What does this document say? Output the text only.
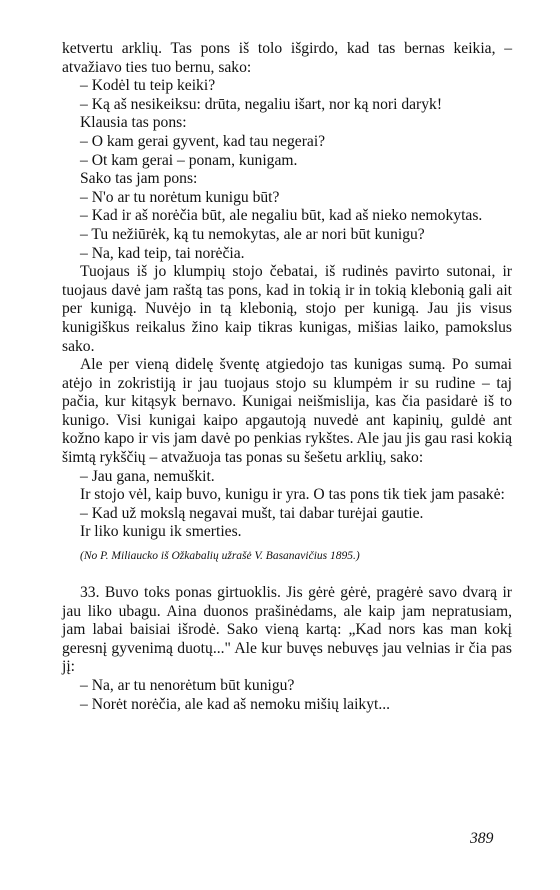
ketvertu arklių. Tas pons iš tolo išgirdo, kad tas bernas keikia, – atvažiavo ties tuo bernu, sako:

– Kodėl tu teip keiki?

– Ką aš nesikeiksu: drūta, negaliu išart, nor ką nori daryk!

Klausia tas pons:

– O kam gerai gyvent, kad tau negerai?

– Ot kam gerai – ponam, kunigam.

Sako tas jam pons:

– N'o ar tu norėtum kunigu būt?

– Kad ir aš norėčia būt, ale negaliu būt, kad aš nieko nemokytas.

– Tu nežiūrėk, ką tu nemokytas, ale ar nori būt kunigu?

– Na, kad teip, tai norėčia.

Tuojaus iš jo klumpių stojo čebatai, iš rudinės pavirto sutonai, ir tuojaus davė jam raštą tas pons, kad in tokią ir in tokią klebonią gali ait per kunigą. Nuvėjo in tą klebonią, stojo per kunigą. Jau jis visus kunigiškus reikalus žino kaip tikras kunigas, mišias laiko, pamokslus sako.

Ale per vieną didelę šventę atgiedojo tas kunigas sumą. Po sumai atėjo in zokristiją ir jau tuojaus stojo su klumpėm ir su rudine – taj pačia, kur kitąsyk bernavo. Kunigai neišmislija, kas čia pasidarė iš to kunigo. Visi kunigai kaipo apgautoją nuvedė ant kapinių, guldė ant kožno kapo ir vis jam davė po penkias rykštes. Ale jau jis gau rasi kokią šimtą rykščių – atvažuoja tas ponas su šešetu arklių, sako:

– Jau gana, nemuškit.

Ir stojo vėl, kaip buvo, kunigu ir yra. O tas pons tik tiek jam pasakė:

– Kad už mokslą negavai mušt, tai dabar turėjai gautie.

Ir liko kunigu ik smerties.

(No P. Miliaucko iš Ožkabalių užrašė V. Basanavičius 1895.)

33. Buvo toks ponas girtuoklis. Jis gėrė gėrė, pragėrė savo dvarą ir jau liko ubagu. Aina duonos prašinėdams, ale kaip jam nepratusiam, jam labai baisiai išrodė. Sako vieną kartą: „Kad nors kas man kokį geresnį gyvenimą duotų..." Ale kur buvęs nebuvęs jau velnias ir čia pas jį:

– Na, ar tu nenorėtum būt kunigu?

– Norėt norėčia, ale kad aš nemoku mišių laikyt...

389
